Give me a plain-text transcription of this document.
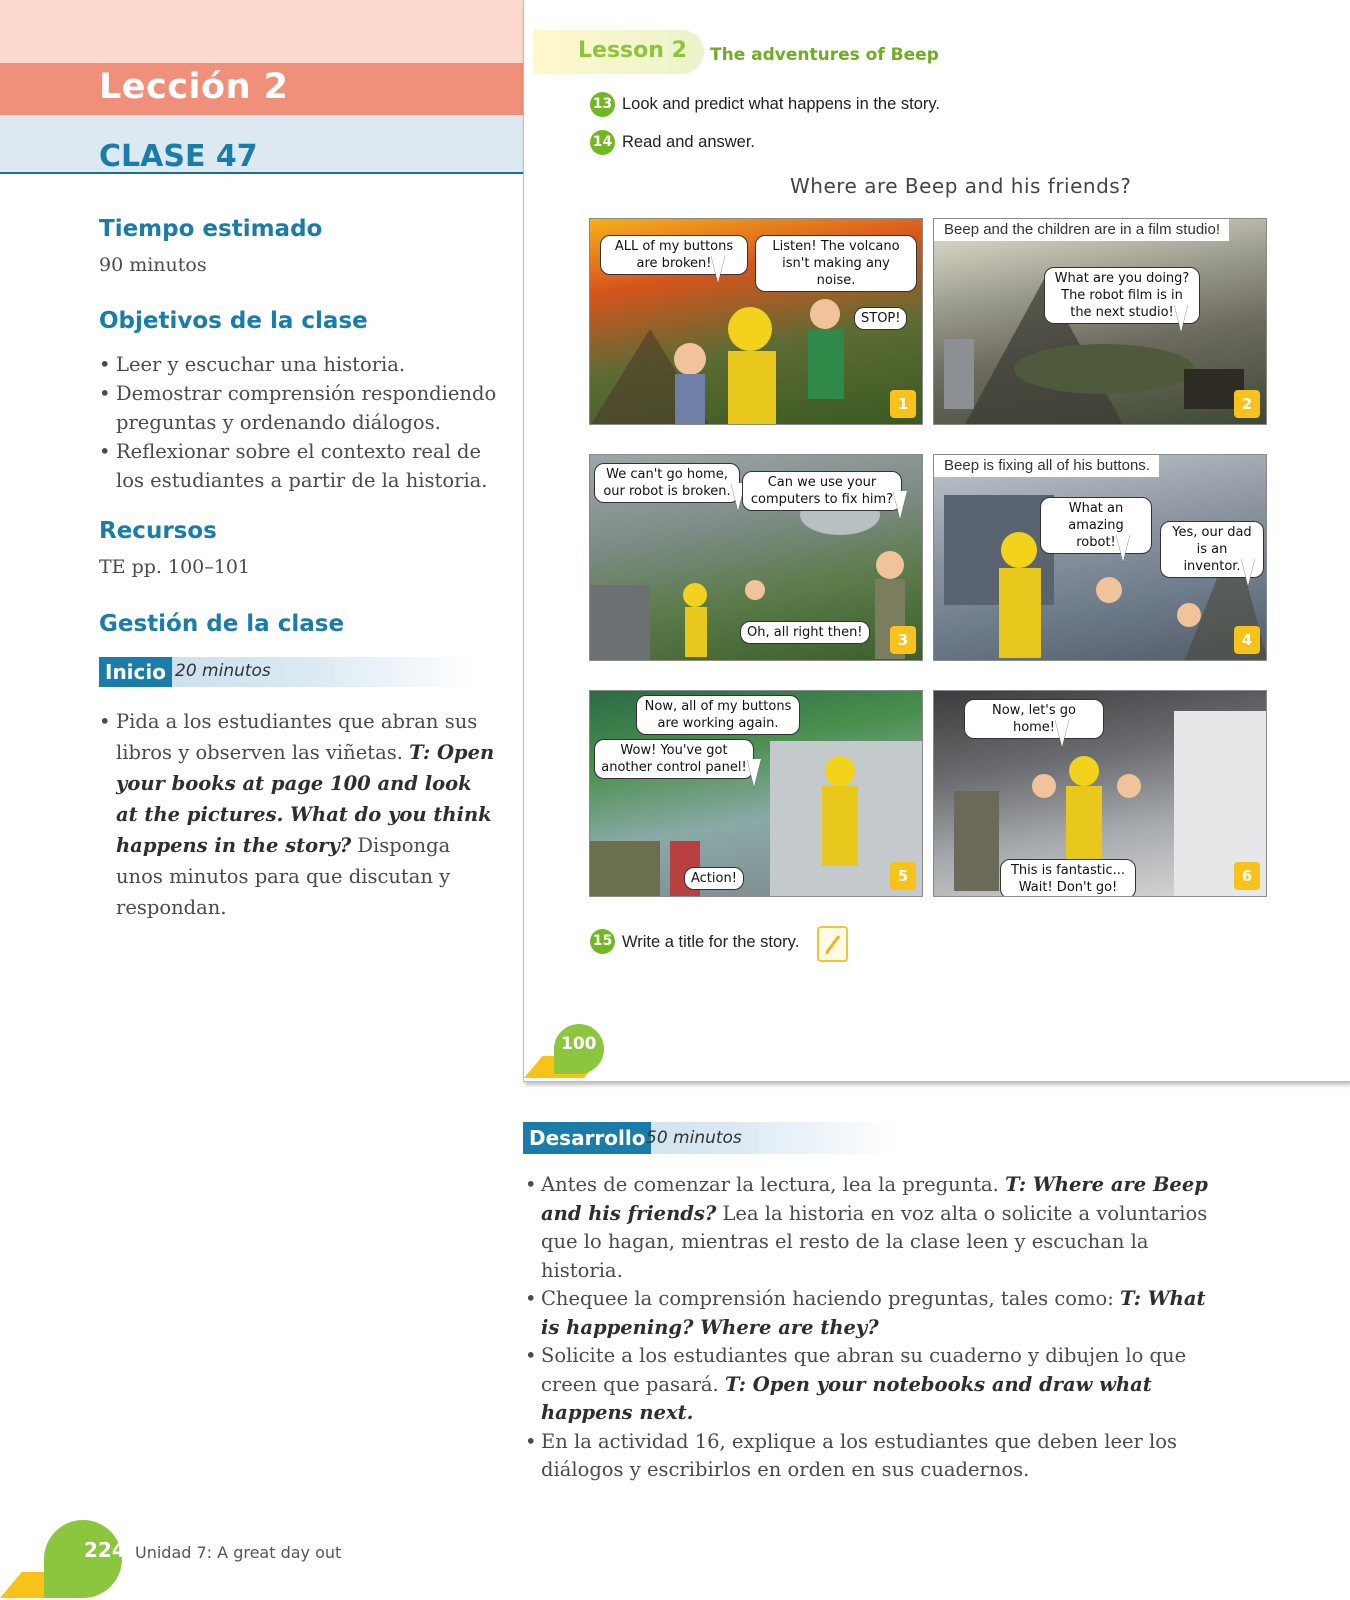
Lección 2
CLASE 47
Tiempo estimado
90 minutos
Objetivos de la clase
• Leer y escuchar una historia.
• Demostrar comprensión respondiendo preguntas y ordenando diálogos.
• Reflexionar sobre el contexto real de los estudiantes a partir de la historia.
Recursos
TE pp. 100–101
Gestión de la clase
Inicio 20 minutos
• Pida a los estudiantes que abran sus libros y observen las viñetas. T: Open your books at page 100 and look at the pictures. What do you think happens in the story? Disponga unos minutos para que discutan y respondan.
Lesson 2 The adventures of Beep
13 Look and predict what happens in the story.
14 Read and answer.
Where are Beep and his friends?
ALL of my buttons are broken!
Listen! The volcano isn't making any noise.
STOP!
1
Beep and the children are in a film studio!
What are you doing? The robot film is in the next studio!
2
We can't go home, our robot is broken.
Can we use your computers to fix him?
Oh, all right then!	3
Beep is fixing all of his buttons.
What an amazing robot!
Yes, our dad is an inventor.
4
Now, all of my buttons are working again.
Wow! You've got another control panel!
Action!	5
Now, let's go home!
This is fantastic... Wait! Don't go!
6
15 Write a title for the story.
100
Desarrollo 50 minutos
• Antes de comenzar la lectura, lea la pregunta. T: Where are Beep and his friends? Lea la historia en voz alta o solicite a voluntarios que lo hagan, mientras el resto de la clase leen y escuchan la historia.
• Chequee la comprensión haciendo preguntas, tales como: T: What is happening? Where are they?
• Solicite a los estudiantes que abran su cuaderno y dibujen lo que creen que pasará. T: Open your notebooks and draw what happens next.
• En la actividad 16, explique a los estudiantes que deben leer los diálogos y escribirlos en orden en sus cuadernos.
224 Unidad 7: A great day out
